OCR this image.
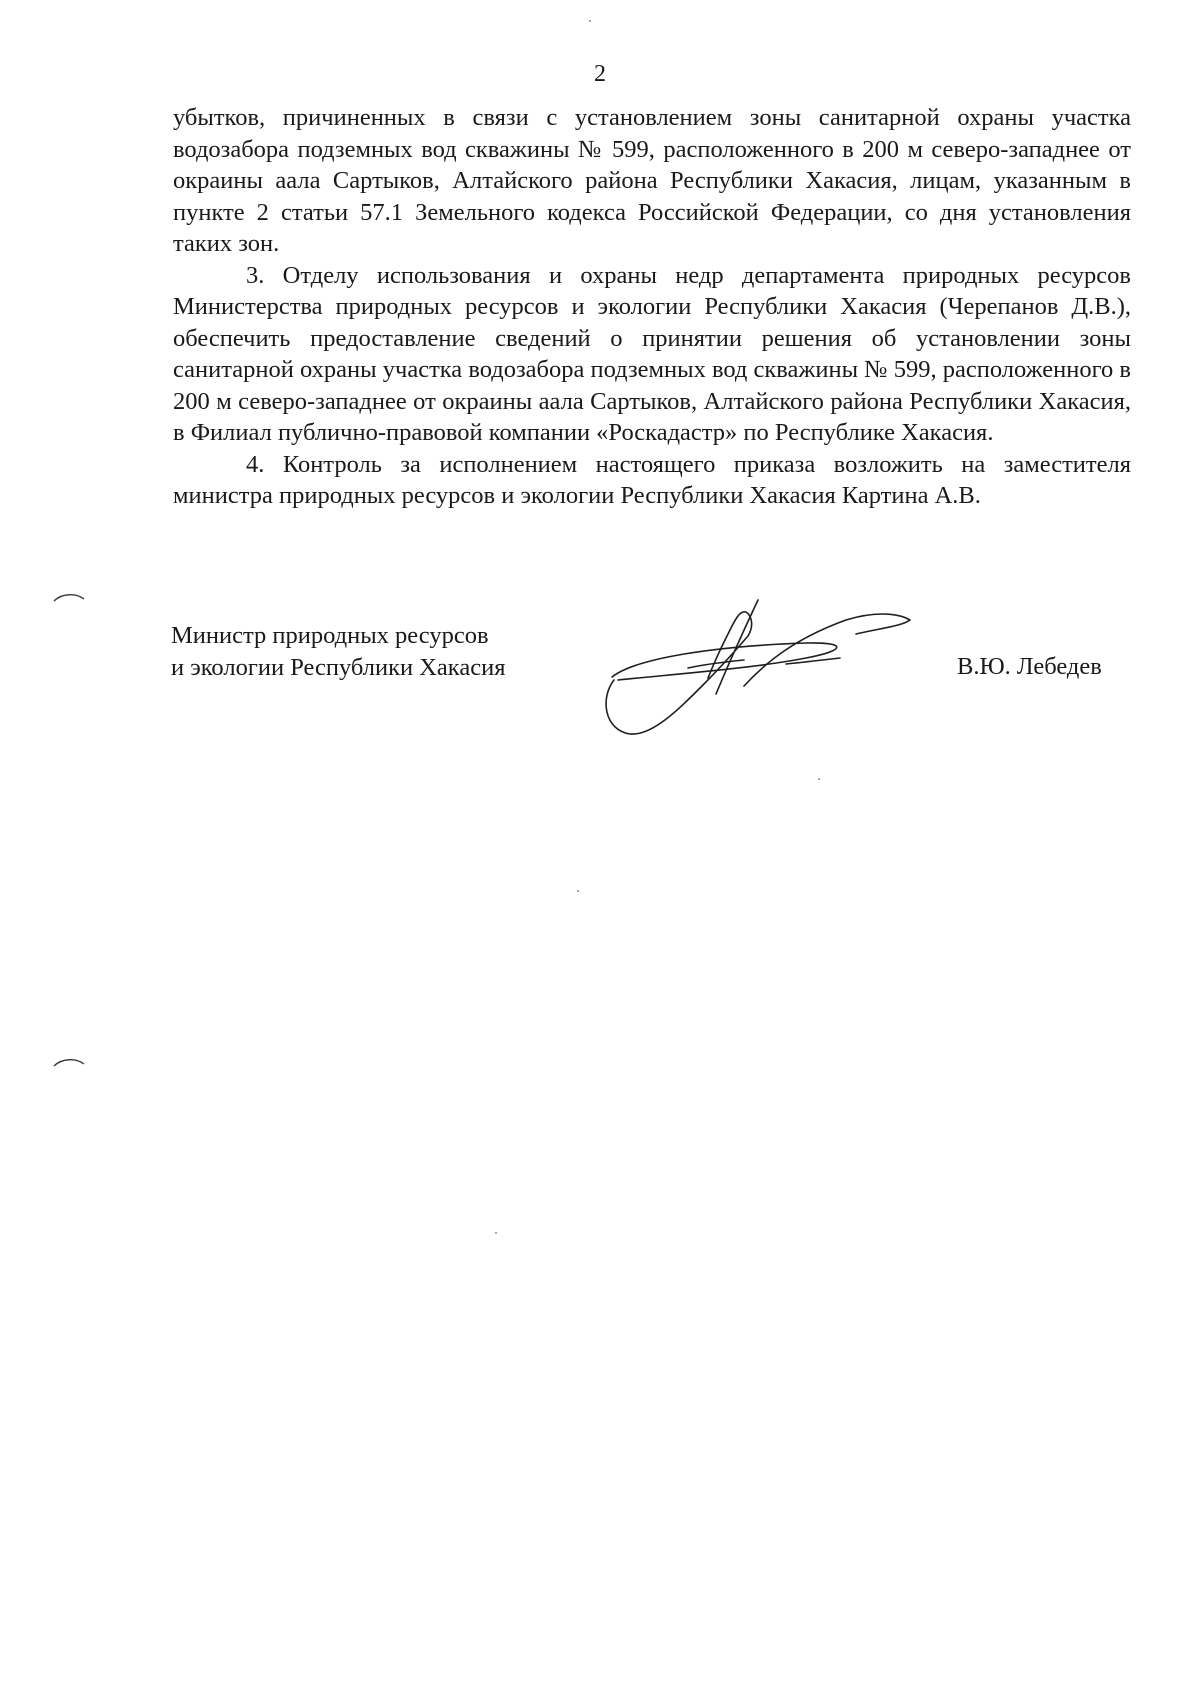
2

убытков, причиненных в связи с установлением зоны санитарной охраны участка водозабора подземных вод скважины № 599, расположенного в 200 м северо-западнее от окраины аала Сартыков, Алтайского района Республики Хакасия, лицам, указанным в пункте 2 статьи 57.1 Земельного кодекса Российской Федерации, со дня установления таких зон.

3. Отделу использования и охраны недр департамента природных ресурсов Министерства природных ресурсов и экологии Республики Хакасия (Черепанов Д.В.), обеспечить предоставление сведений о принятии решения об установлении зоны санитарной охраны участка водозабора подземных вод скважины № 599, расположенного в 200 м северо-западнее от окраины аала Сартыков, Алтайского района Республики Хакасия, в Филиал публично-правовой компании «Роскадастр» по Республике Хакасия.

4. Контроль за исполнением настоящего приказа возложить на заместителя министра природных ресурсов и экологии Республики Хакасия Картина А.В.

Министр природных ресурсов
и экологии Республики Хакасия	В.Ю. Лебедев
